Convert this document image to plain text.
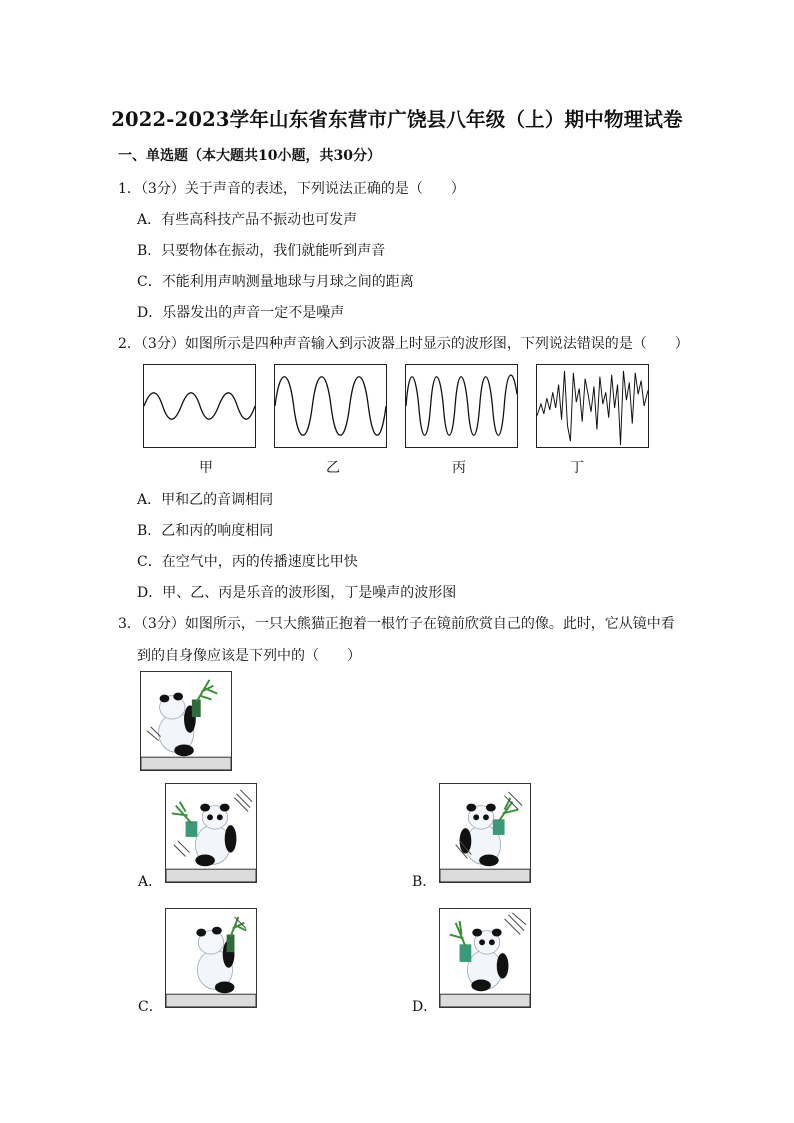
2022-2023学年山东省东营市广饶县八年级（上）期中物理试卷
一、单选题（本大题共10小题，共30分）
1．（3分）关于声音的表述，下列说法正确的是（　　）
A．有些高科技产品不振动也可发声
B．只要物体在振动，我们就能听到声音
C．不能利用声呐测量地球与月球之间的距离
D．乐器发出的声音一定不是噪声
2．（3分）如图所示是四种声音输入到示波器上时显示的波形图，下列说法错误的是（　　）
甲	乙	丙	丁
A．甲和乙的音调相同
B．乙和丙的响度相同
C．在空气中，丙的传播速度比甲快
D．甲、乙、丙是乐音的波形图，丁是噪声的波形图
3．（3分）如图所示，一只大熊猫正抱着一根竹子在镜前欣赏自己的像。此时，它从镜中看
到的自身像应该是下列中的（　　）
A．	B．
C．	D．
